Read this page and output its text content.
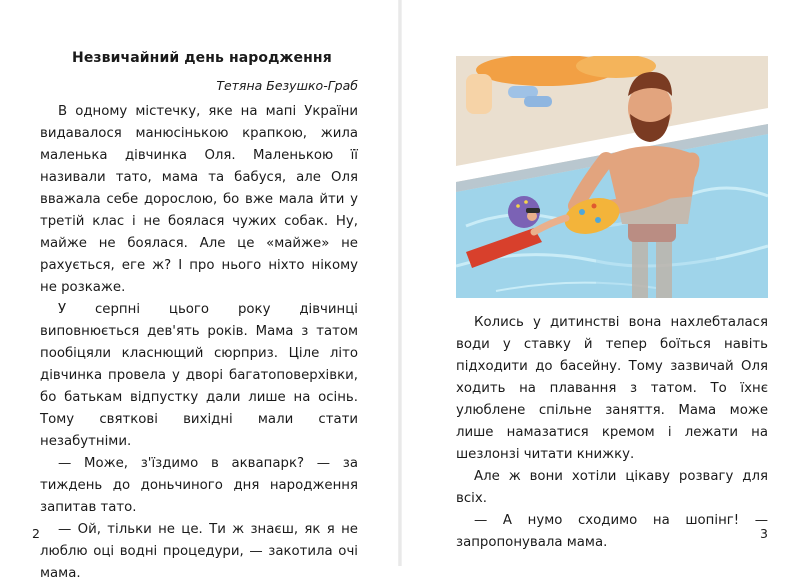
Незвичайний день народження
Тетяна Безушко-Граб

В одному містечку, яке на мапі України видавалося манюсінькою крапкою, жила маленька дівчинка Оля. Маленькою її називали тато, мама та бабуся, але Оля вважала себе дорослою, бо вже мала йти у третій клас і не боялася чужих собак. Ну, майже не боялася. Але це «майже» не рахується, еге ж? І про нього ніхто нікому не розкаже.

У серпні цього року дівчинці виповнюється дев'ять років. Мама з татом пообіцяли класнющий сюрприз. Ціле літо дівчинка провела у дворі багатоповерхівки, бо батькам відпустку дали лише на осінь. Тому святкові вихідні мали стати незабутніми.

— Може, з'їздимо в аквапарк? — за тиждень до доньчиного дня народження запитав тато.

— Ой, тільки не це. Ти ж знаєш, як я не люблю оці водні процедури, — закотила очі мама.

2

Колись у дитинстві вона нахлебталася води у ставку й тепер боїться навіть підходити до басейну. Тому зазвичай Оля ходить на плавання з татом. То їхнє улюблене спільне заняття. Мама може лише намазатися кремом і лежати на шезлонзі читати книжку.

Але ж вони хотіли цікаву розвагу для всіх.

— А нумо сходимо на шопінг! — запропонувала мама.

3
